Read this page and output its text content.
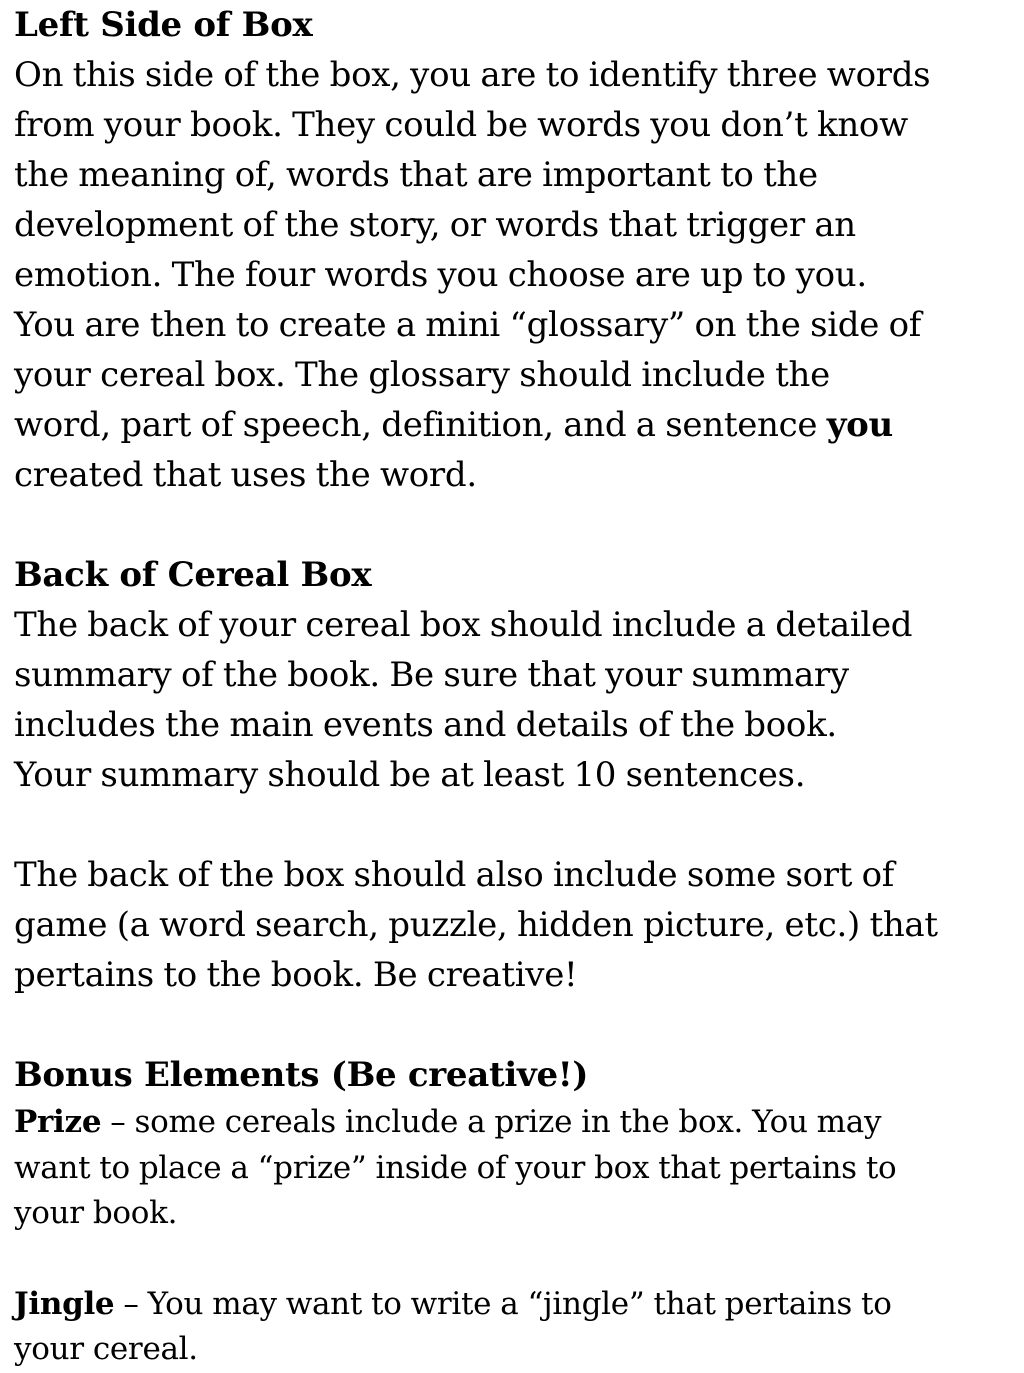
Left Side of Box
On this side of the box, you are to identify three words
from your book. They could be words you don’t know
the meaning of, words that are important to the
development of the story, or words that trigger an
emotion. The four words you choose are up to you.
You are then to create a mini “glossary” on the side of
your cereal box. The glossary should include the
word, part of speech, definition, and a sentence you
created that uses the word.
Back of Cereal Box
The back of your cereal box should include a detailed
summary of the book. Be sure that your summary
includes the main events and details of the book.
Your summary should be at least 10 sentences.
The back of the box should also include some sort of
game (a word search, puzzle, hidden picture, etc.) that
pertains to the book. Be creative!
Bonus Elements (Be creative!)
Prize – some cereals include a prize in the box. You may
want to place a “prize” inside of your box that pertains to
your book.
Jingle – You may want to write a “jingle” that pertains to
your cereal.
